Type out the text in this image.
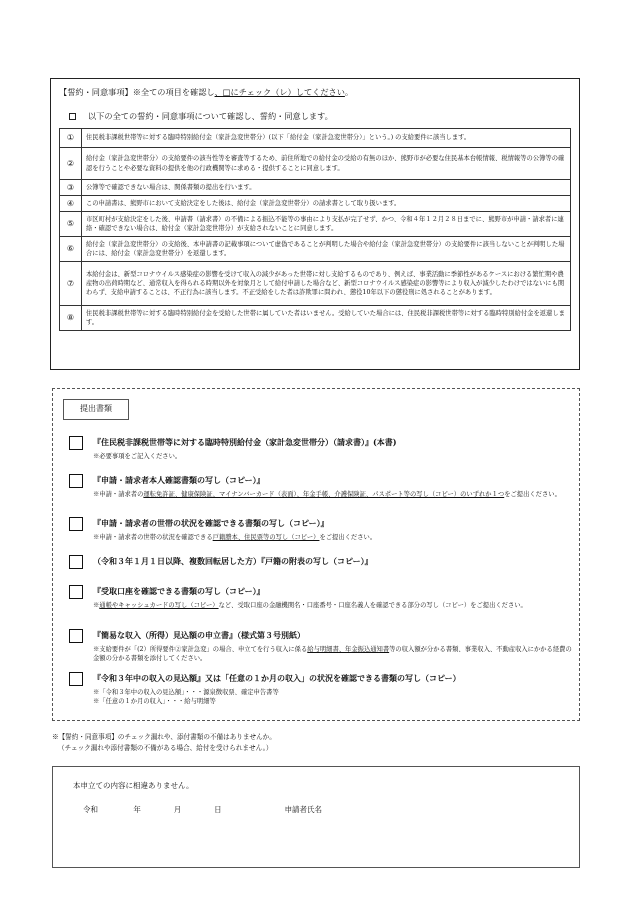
【誓約・同意事項】※全ての項目を確認し、□にチェック（レ）してください。
以下の全ての誓約・同意事項について確認し、誓約・同意します。
①	住民税非課税世帯等に対する臨時特別給付金（家計急変世帯分）(以下「給付金（家計急変世帯分）」という。) の支給要件に該当します。
②	給付金（家計急変世帯分）の支給要件の該当性等を審査等するため、前住所地での給付金の受給の有無のほか、熊野市が必要な住民基本台帳情報、税情報等の公簿等の確認を行うことや必要な資料の提供を他の行政機関等に求める・提供することに同意します。
③	公簿等で確認できない場合は、関係書類の提出を行います。
④	この申請書は、熊野市において支給決定をした後は、給付金（家計急変世帯分）の請求書として取り扱います。
⑤	市区町村が支給決定をした後、申請書（請求書）の不備による振込不能等の事由により支払が完了せず、かつ、令和４年１２月２８日までに、熊野市が申請・請求者に連絡・確認できない場合は、給付金（家計急変世帯分）が支給されないことに同意します。
⑥	給付金（家計急変世帯分）の支給後、本申請書の記載事項について虚偽であることが判明した場合や給付金（家計急変世帯分）の支給要件に該当しないことが判明した場合には、給付金（家計急変世帯分）を返還します。
⑦	本給付金は、新型コロナウイルス感染症の影響を受けて収入の減少があった世帯に対し支給するものであり、例えば、事業活動に季節性があるケースにおける繁忙期や農産物の出荷時期など、通常収入を得られる時期以外を対象月として給付申請した場合など、新型コロナウイルス感染症の影響等により収入が減少したわけではないにも関わらず、支給申請することは、不正行為に該当します。不正受給をした者は詐欺罪に問われ、懲役10年以下の懲役刑に処されることがあります。
⑧	住民税非課税世帯等に対する臨時特別給付金を受給した世帯に属していた者はいません。受給していた場合には、住民税非課税世帯等に対する臨時特別給付金を返還します。
提出書類
『住民税非課税世帯等に対する臨時特別給付金（家計急変世帯分）（請求書）』(本書)
※必要事項をご記入ください。
『申請・請求者本人確認書類の写し（コピー）』
※申請・請求者の運転免許証、健康保険証、マイナンバーカード（表面）、年金手帳、介護保険証、パスポート等の写し（コピー）のいずれか１つをご提出ください。
『申請・請求者の世帯の状況を確認できる書類の写し（コピー）』
※申請・請求者の世帯の状況を確認できる戸籍謄本、住民票等の写し（コピー）をご提出ください。
（令和３年１月１日以降、複数回転居した方）『戸籍の附表の写し（コピー）』
『受取口座を確認できる書類の写し（コピー）』
※通帳やキャッシュカードの写し（コピー）など、受取口座の金融機関名・口座番号・口座名義人を確認できる部分の写し（コピー）をご提出ください。
『簡易な収入（所得）見込額の申立書』（様式第３号別紙）
※支給要件が「(2）所得要件②家計急変」の場合、申立てを行う収入に係る給与明細書、年金振込通知書等の収入額が分かる書類、事業収入、不動産収入にかかる経費の金額の分かる書類を添付してください。
『令和３年中の収入の見込額』又は「任意の１か月の収入」の状況を確認できる書類の写し（コピー）
※「令和３年中の収入の見込額」・・・源泉徴収票、確定申告書等
※「任意の１か月の収入」・・・給与明細等
※【誓約・同意事項】のチェック漏れや、添付書類の不備はありませんか。
（チェック漏れや添付書類の不備がある場合、給付を受けられません。）
本申立ての内容に相違ありません。
令和	年	月	日	申請者氏名
